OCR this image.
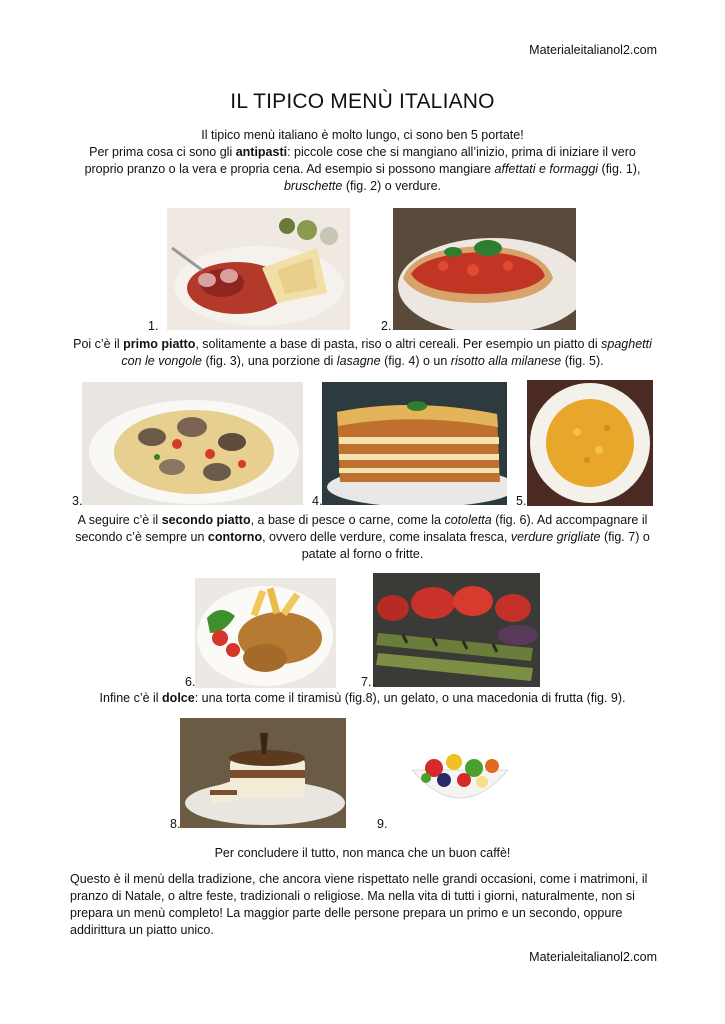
Materialeitalianol2.com
IL TIPICO MENÙ ITALIANO

Il tipico menù italiano è molto lungo, ci sono ben 5 portate!
Per prima cosa ci sono gli antipasti: piccole cose che si mangiano all’inizio, prima di iniziare il vero proprio pranzo o la vera e propria cena. Ad esempio si possono mangiare affettati e formaggi (fig. 1), bruschette (fig. 2) o verdure.

1.	2.

Poi c’è il primo piatto, solitamente a base di pasta, riso o altri cereali. Per esempio un piatto di spaghetti con le vongole (fig. 3), una porzione di lasagne (fig. 4) o un risotto alla milanese (fig. 5).

3.	4.	5.

A seguire c’è il secondo piatto, a base di pesce o carne, come la cotoletta (fig. 6). Ad accompagnare il secondo c’è sempre un contorno, ovvero delle verdure, come insalata fresca, verdure grigliate (fig. 7) o patate al forno o fritte.

6.	7.

Infine c’è il dolce: una torta come il tiramisù (fig.8), un gelato, o una macedonia di frutta (fig. 9).

8.	9.

Per concludere il tutto, non manca che un buon caffè!

Questo è il menù della tradizione, che ancora viene rispettato nelle grandi occasioni, come i matrimoni, il pranzo di Natale, o altre feste, tradizionali o religiose. Ma nella vita di tutti i giorni, naturalmente, non si prepara un menù completo! La maggior parte delle persone prepara un primo e un secondo, oppure addirittura un piatto unico.

Materialeitalianol2.com
